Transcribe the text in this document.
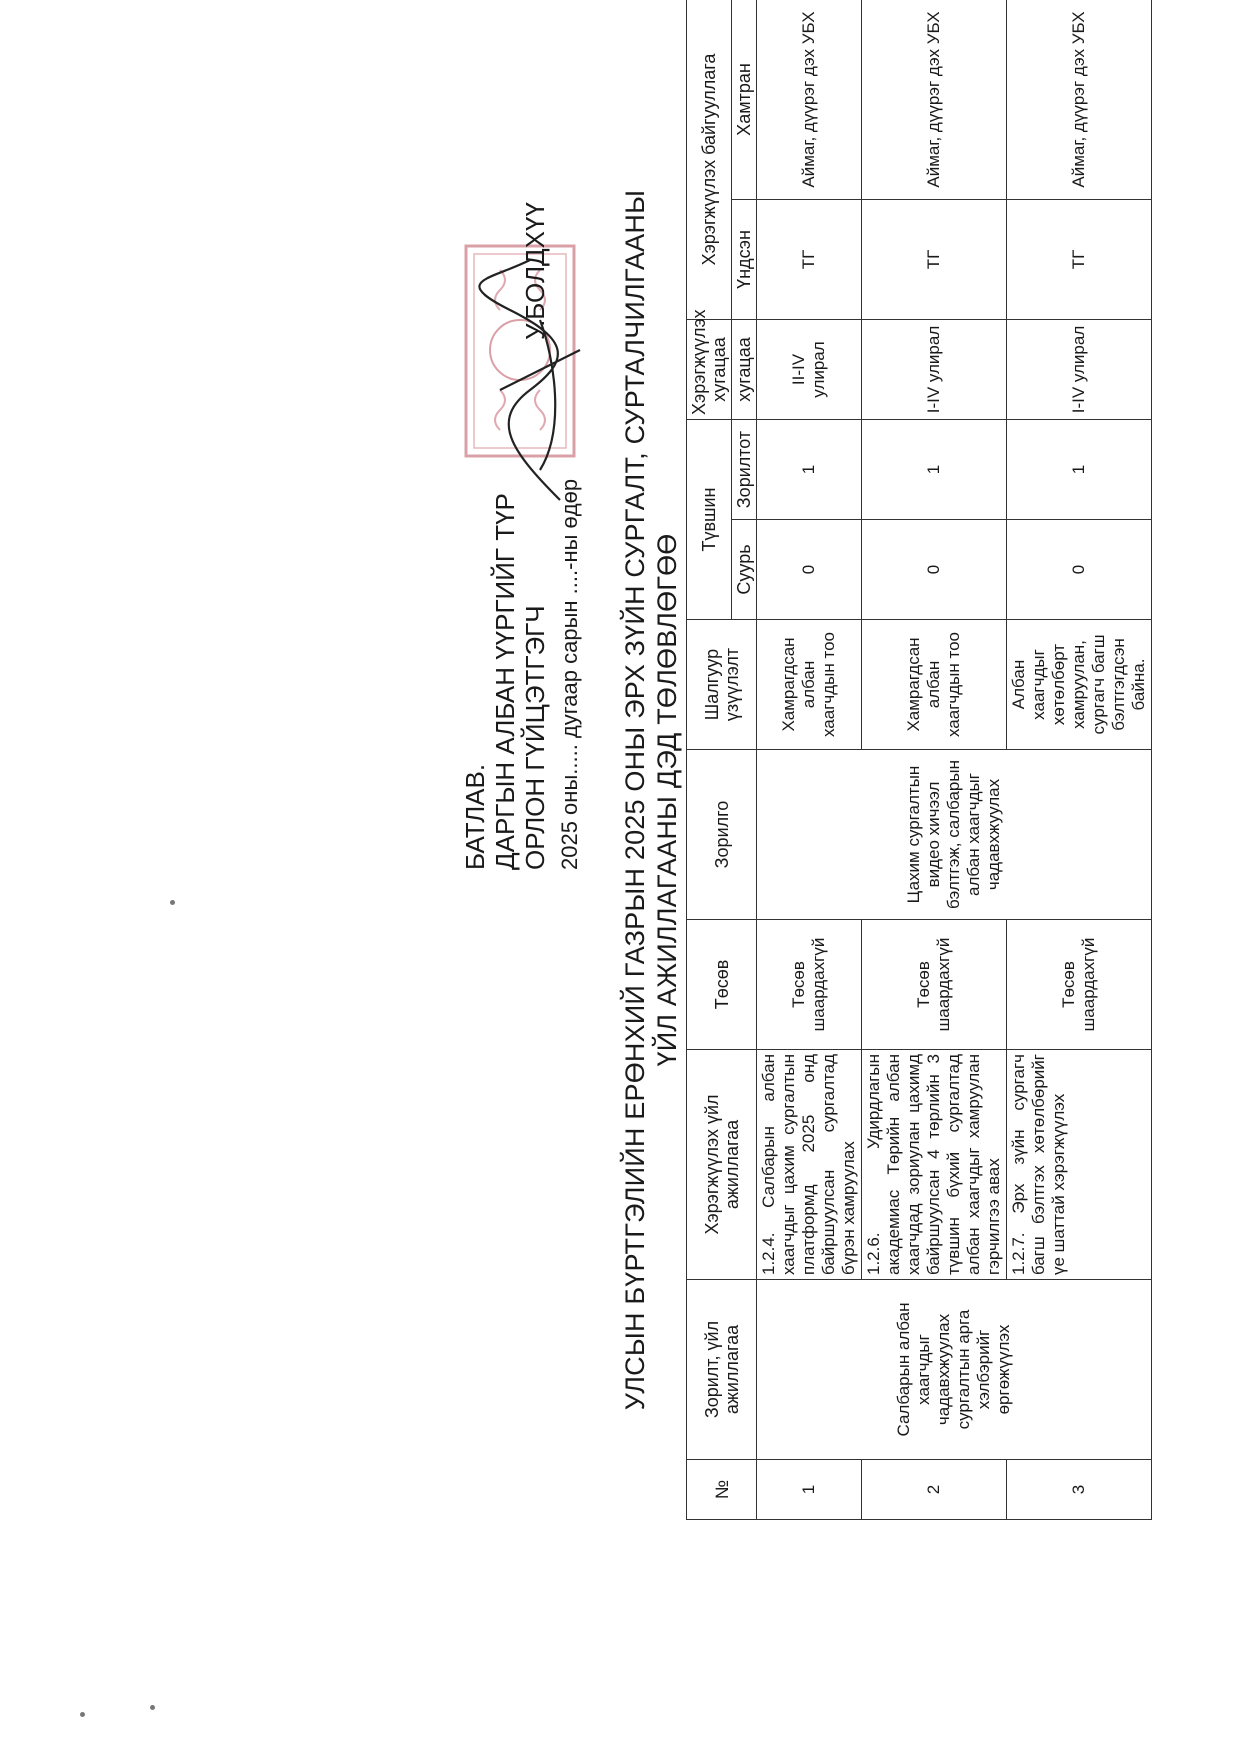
БАТЛАВ. ДАРГЫН АЛБАН ҮҮРГИЙГ ТҮР ОРЛОН ГҮЙЦЭТГЭГЧ
У.БОЛДХҮҮ
2025 оны..... дугаар сарын ....-ны өдөр УЛСЫН БҮРТГЭЛИЙН ЕРӨНХИЙ ГАЗРЫН 2025 ОНЫ ЭРХ ЗҮЙН СУРГАЛТ, СУРТАЛЧИЛГААНЫ ҮЙЛ АЖИЛЛАГААНЫ ДЭД ТӨЛӨВЛӨГӨӨ
№	Зорилт, үйл ажиллагаа	Хэрэгжүүлэх үйл ажиллагаа	Төсөв	Зорилго	Шалгуур үзүүлэлт	Түвшин		Хэрэгжүүлэх хугацаа	Хэрэгжүүлэх байгууллага	
						Суурь	Зорилтот	хугацаа	Үндсэн	Хамтран
1	Салбарын албан хаагчдыг чадавхжуулах сургалтын арга хэлбэрийг өргөжүүлэх	1.2.4. Салбарын албан хаагчдыг цахим сургалтын платформд 2025 онд байршуулсан сургалтад бүрэн хамруулах	Төсөв шаардахгүй	Цахим сургалтын видео хичээл бэлтгэж, салбарын албан хаагчдыг чадавхжуулах	Хамрагдсан албан хаагчдын тоо	0	1	II-IV улирал	ТГ	Аймаг, дүүрэг дэх УБХ
2		1.2.6. Удирдлагын академиас Төрийн албан хаагчдад зориулан цахимд байршуулсан 4 төрлийн 3 түвшин бүхий сургалтад албан хаагчдыг хамруулан гэрчилгээ авах	Төсөв шаардахгүй		Хамрагдсан албан хаагчдын тоо	0	1	I-IV улирал	ТГ	Аймаг, дүүрэг дэх УБХ
3		1.2.7. Эрх зүйн сургагч багш бэлтгэх хөтөлбөрийг үе шаттай хэрэгжүүлэх	Төсөв шаардахгүй		Албан хаагчдыг хөтөлбөрт хамруулан, сургагч багш бэлтгэгдсэн байна.	0	1	I-IV улирал	ТГ	Аймаг, дүүрэг дэх УБХ
